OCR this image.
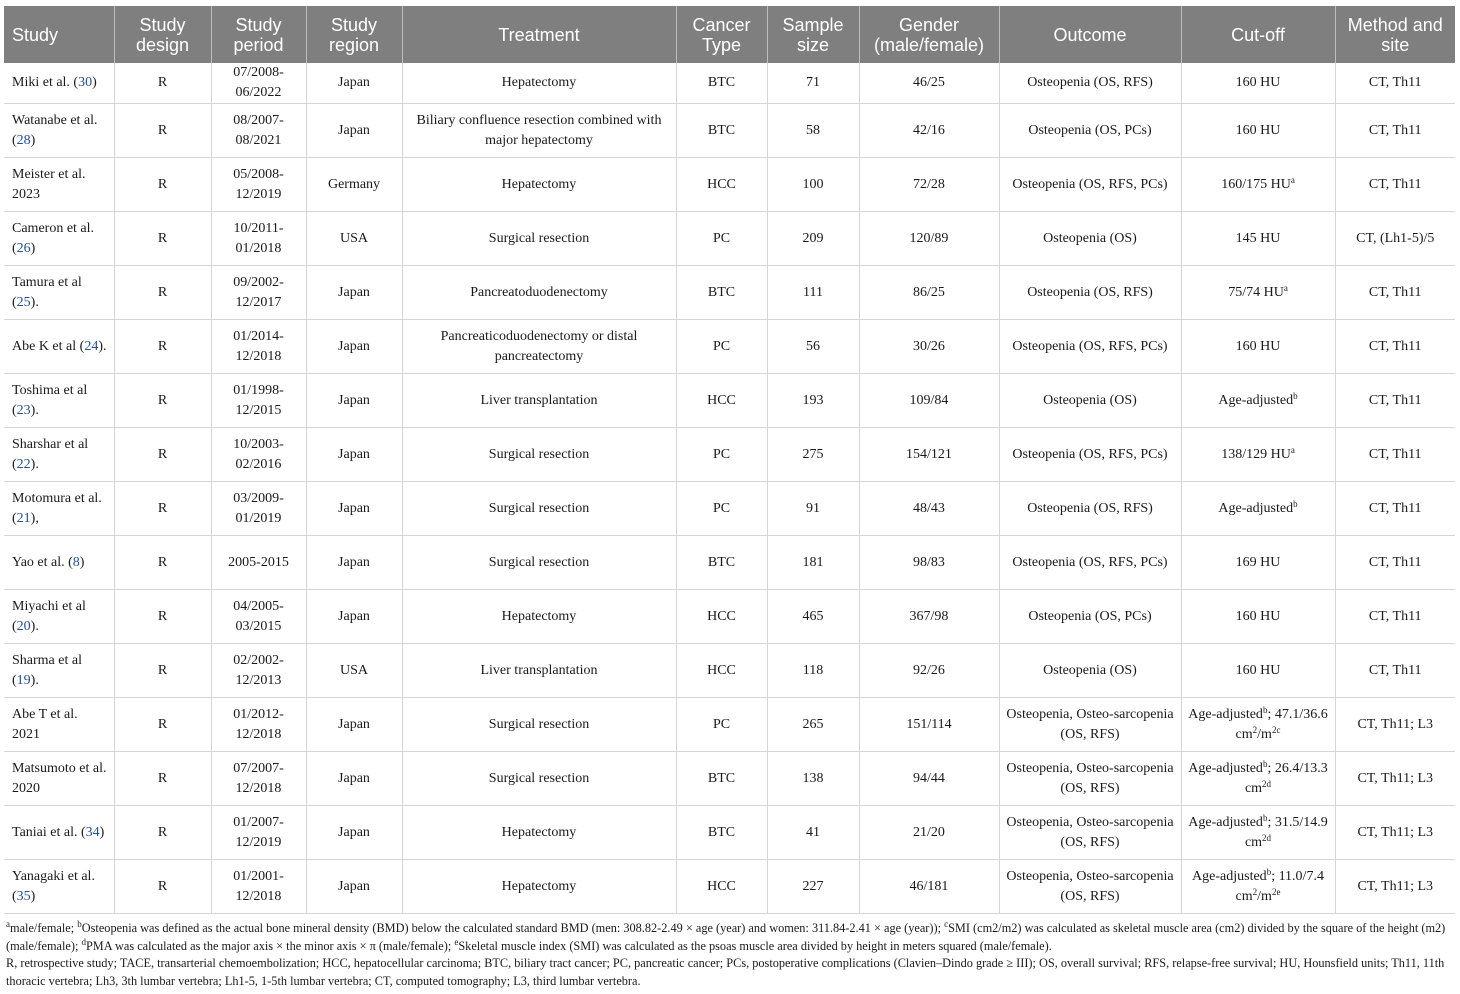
Study	Study design	Study period	Study region	Treatment	Cancer Type	Sample size	Gender (male/female)	Outcome	Cut-off	Method and site
Miki et al. (30)	R	07/2008-06/2022	Japan	Hepatectomy	BTC	71	46/25	Osteopenia (OS, RFS)	160 HU	CT, Th11
Watanabe et al. (28)	R	08/2007-08/2021	Japan	Biliary confluence resection combined with major hepatectomy	BTC	58	42/16	Osteopenia (OS, PCs)	160 HU	CT, Th11
Meister et al. 2023	R	05/2008-12/2019	Germany	Hepatectomy	HCC	100	72/28	Osteopenia (OS, RFS, PCs)	160/175 $HU^a$	CT, Th11
Cameron et al. (26)	R	10/2011-01/2018	USA	Surgical resection	PC	209	120/89	Osteopenia (OS)	145 HU	CT, (Lh1-5)/5
Tamura et al (25).	R	09/2002-12/2017	Japan	Pancreatoduodenectomy	BTC	111	86/25	Osteopenia (OS, RFS)	75/74 $HU^a$	CT, Th11
Abe K et al (24).	R	01/2014-12/2018	Japan	Pancreaticoduodenectomy or distal pancreatectomy	PC	56	30/26	Osteopenia (OS, RFS, PCs)	160 HU	CT, Th11
Toshima et al (23).	R	01/1998-12/2015	Japan	Liver transplantation	HCC	193	109/84	Osteopenia (OS)	Age-adjusted$^b$	CT, Th11
Sharshar et al (22).	R	10/2003-02/2016	Japan	Surgical resection	PC	275	154/121	Osteopenia (OS, RFS, PCs)	138/129 $HU^a$	CT, Th11
Motomura et al. (21),	R	03/2009-01/2019	Japan	Surgical resection	PC	91	48/43	Osteopenia (OS, RFS)	Age-adjusted$^b$	CT, Th11
Yao et al. (8)	R	2005-2015	Japan	Surgical resection	BTC	181	98/83	Osteopenia (OS, RFS, PCs)	169 HU	CT, Th11
Miyachi et al (20).	R	04/2005-03/2015	Japan	Hepatectomy	HCC	465	367/98	Osteopenia (OS, PCs)	160 HU	CT, Th11
Sharma et al (19).	R	02/2002-12/2013	USA	Liver transplantation	HCC	118	92/26	Osteopenia (OS)	160 HU	CT, Th11
Abe T et al. 2021	R	01/2012-12/2018	Japan	Surgical resection	PC	265	151/114	Osteopenia, Osteo-sarcopenia (OS, RFS)	Age-adjusted$^b$; 47.1/36.6 $cm^2/m^{2c}$	CT, Th11; L3
Matsumoto et al. 2020	R	07/2007-12/2018	Japan	Surgical resection	BTC	138	94/44	Osteopenia, Osteo-sarcopenia (OS, RFS)	Age-adjusted$^b$; 26.4/13.3 $cm^{2d}$	CT, Th11; L3
Taniai et al. (34)	R	01/2007-12/2019	Japan	Hepatectomy	BTC	41	21/20	Osteopenia, Osteo-sarcopenia (OS, RFS)	Age-adjusted$^b$; 31.5/14.9 $cm^{2d}$	CT, Th11; L3
Yanagaki et al. (35)	R	01/2001-12/2018	Japan	Hepatectomy	HCC	227	46/181	Osteopenia, Osteo-sarcopenia (OS, RFS)	Age-adjusted$^b$; 11.0/7.4 $cm^2/m^{2e}$	CT, Th11; L3

$^a$male/female; $^b$Osteopenia was defined as the actual bone mineral density (BMD) below the calculated standard BMD (men: 308.82-2.49 × age (year) and women: 311.84-2.41 × age (year)); $^c$SMI (cm2/m2) was calculated as skeletal muscle area (cm2) divided by the square of the height (m2) (male/female); $^d$PMA was calculated as the major axis × the minor axis × π (male/female); $^e$Skeletal muscle index (SMI) was calculated as the psoas muscle area divided by height in meters squared (male/female).

R, retrospective study; TACE, transarterial chemoembolization; HCC, hepatocellular carcinoma; BTC, biliary tract cancer; PC, pancreatic cancer; PCs, postoperative complications (Clavien–Dindo grade ≥ III); OS, overall survival; RFS, relapse-free survival; HU, Hounsfield units; Th11, 11th thoracic vertebra; Lh3, 3th lumbar vertebra; Lh1-5, 1-5th lumbar vertebra; CT, computed tomography; L3, third lumbar vertebra.
